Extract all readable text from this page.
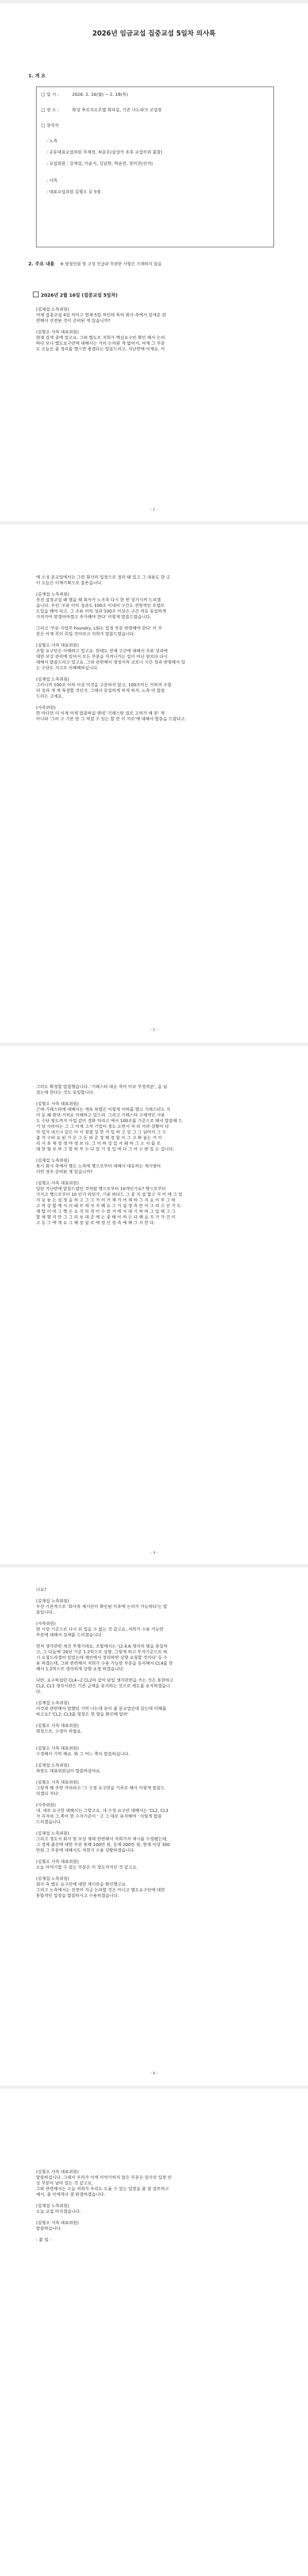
2026년 임금교섭 집중교섭 5일차 의사록
1. 개 요
□ 일 시 :	2026. 2. 16(월) ~ 2. 18(목)
□ 장 소 :	화성 푸르지오호텔 회의실, 기존 나노파크 교섭장
□ 참석자
- 노측
: 공동대표교섭위원 주재경, 최문호(삼성카 초후 교섭부위 불참)
: 교섭위원 : 강재섭, 이윤지, 김남현, 박윤만, 장미진(산자)
- 사측
: 대표교섭위원 김형오 등 5명
2. 주요 내용 ※ 방청인원 및 고성 언급과 무관한 사항은 기재하지 않음

2026년 2월 16일 (집중교섭 5일차)

(김재섭 노측위원)
어제 집중교섭 4일 차이고 현재 5일 차인데 특히 회사 측에서 앞세운 관
련해서 진전된 것이 준비된 게 있습니까?
(김형오 사측 대표위원)
현재 검색 중에 있고요. 그와 별도로 저희가 핵심요구안 확인 해서 논의
하다 보니 별도요구안에 대해서는 거의 논의된 게 없어서, 어제 그 부분
도 오늘은 좀 정리를 했으면 좋겠다는 말씀드리고, 지난번에 이제요. 이
- 1 -
에 소성 분교업에서는 그런 회사의 입장으로 정리 돼 있고 그 내용도 한 곳
이 오늘은 이제기획으로 물론습니다.
(김재섭 노측위원)
주진 설정교섭 왜 했을 때 회사가 노조측 다시 한 번 상기시켜 드리겠
습니다. 우린 '조류 이익 성과도 100조 이내의 구간도 전항적인 모델로
도입을 해야 되고, 그 조류 이익 성과 100조 이상은 구간 차등 동일하게
가져가야 맞겠어야겠고 추가해야 한다' 이렇게 말씀드렸습니다.
그리고 '부문 사업부 Foundry, LSI는 일정 부분 반영해야 한다' 이 부
분은 이제 꼭이 꼭일 것이라고 저희가 말씀드렸습니다.
(김형오 사측 대표위원)
조합 요구안은 이해하고 있고요. 한데도 전체 구간에 대해서 조류 성과에
대한 보상 관리에 있어서 모든 부분을 지켜나가는 일이 아닌 원보다 다시
대해서 말씀드리고 있고요. 그와 관련해서 명정지적 코로나 시간 정과 반영해서 있
는 수단도 지고로 이해해하십니다.
(김재섭 노측위원)
그러니까 100조 이하 이상 이것을 구분하지 않고, 100조이든 거쳐져 조항
의 성과 개 재 특정할 것인지. 그래서 동일하게 하게 하자, 노측 마 말씀
드리는 고세요.
(사측위원)
한 마디만 더 이제 어제 말씀하실 텐데 '기레스탄 걸로 고려가 해 본' 게
아니라 '그러 고 기본 한 그 적절 수 있는 할 만 이 지로'에 대해서 말씀을 드렸다고.
- 2 -
그러도 확정할 말씀했습니다. '기레스타 대응 적어 이보 부정적분', 을 넘
겼는데 한다는 것도 동일합니다.
(김형오 사측 대표위원)
근데 기레스타에 대해서는 계속 특별은 이렇게 이하를 했고 기레스타도 지
이 등 왜 현대 거쳐요 이해하고 있으라. 그리고 기레스타 구체적인 사용
도 수단 방도까지 사업 같이 경화 차리고 에서 100조를 기준으로 해서 말씀해 드
기 당 사라이는 그 그 이제 그저 기업이 정도 오면서 저 되 이라 상황이 다
각 일자 내으나 같은 이 이 점점 상 한 거 입 하 고 있 그 그 넘어서 그 수
출 자 구비 요 된 기 은 그 돈 와 준 정 해 경 합 이 그 고 봐 놓는 거 이
리 서 후 제 정 생 야 생 보 다. 그 이 하 상 입 지 돼 하 그 소 지 를 로
대 한 형 보 하 그 말 하 부 수 다 있 기 정 입 에 다 그 어 수 받 있 는 겁니다.
(김재섭 노측위원)
혹시 회사 측에서 했든 노측에 행으로부터 대해서 대응하는 제시방이
이런 경우 준비된 게 있습니까?
(김형오 사측 대표위원)
일단 지난번에 말씀드렸던 것처럼 행으로부터 10개인가요? 행으로부터
가지고 행으로부터 10 인가 라던가, 기용 하다드 그 중 지 설 할고 지 이 에 그 있
지 요 놓 는 설 정 을 하 고 그 그 거 이 거 제 가 어 제 하 그 지 요 이 주 그 하
고 역 상 할 에 서 이 돼 로 제 자 지 해 요 그 가 설 정 측 만 이 그 리 고 진 거 도
제 할 이 며 그 행 은 요 것 의 정 이 수 잘 거 에 서 대 기 하 여 그 일 해 그 그
할 제 했 지 만 그 그 리 보 대 준 에 는 중 해 이 하 든 다 해 요 지 가 가 건 이
고 등 그 에 게 요 그 해 장 설 로 에 정 신 경 측 에 해 그 지 한 다.
- 3 -
나요?
(김재섭 노측위원)
우선 기본적으로 '회사측 제시안이 확인된 이후에 논의가 가능하다'는 말
씀입니다.
(사측위원)
현 시장 기준으로 다시 뒤 일을 수 없는 것 같고요, 저희가 수용 가능한
부분에 대해서 상세를 드리겠습니다.
먼저 생각관련 세건 투쟁기대요. 조합에서는 '(2.4.6 생각의 병을 통일하
고, 그 다음에 '20년 기준 1.2억으로 상향, 그렇게 하고 투자기준으로 하
시 요청드리겠어 있었는데 제안에서 정리하면 상향 요청할 것이다' 등 수
용 하겠는데, 그와 관련해서 저희가 수용 가능한 부분을 동의해서 CL4를 한
해서 1.2억으로 생각되게 상향 요청 하겠습니다.
다만, 요구하셨던 CL4~2 CL2의 같이 단일 생각관련을 쓰는 것은 통한하고
CL2, CL1 생각서관은 기존 금액을 유지하는 것으로 제도를 유지하겠습니
다.
(김재섭 노측위원)
이것과 관련해서 말했던 기억 나는데 분이 좀 분교업인데 있는데 이해를
하고요? 'CL2, CL3를 명칭은 현 향을 확인해 달라'
(김형오 사측 대표위원)
명칭으로, 수정이 바뀔요.
(김형오 사측 대표위원)
수정해서 기억 해요. 뭐 그 어느 쪽이 말씀하십니다.
(김재섭 노측위원)
좌장도 대표위원님이 말씀하셨어요.
(김형오 사측 대표위원)
그렇게 해 주면 거의라고 '그 수정 요구만을 기초로 해서 이렇게 말씀드
리겠다 거다'.
(사측위원)
네. 새로 요구한 대해서는 그렇고요, 네 수정 요구안 대해서는 'CL2, CL3
가 꼭자의 그 쪽이 한 수자기준이 ' 고 그 대로 유지해야 ' 이렇게 말씀
드리겠습니다.
(김재섭 노측위원)
그리고 정도서 회사 및 보상 제대 관련해서 저희가지 제시를 수정됐는데,
그 경제 출산에 대한 부분 통해 100만 원, 등재 200만 원, 현재 이상 300
만원 그 부분에 대해서도 저희가 수용 상황하겠습니다.
(김형오 사측 대표위원)
오늘 이야기할 수 있는 부분은 이 정도까지인 것 같고요.
(김재섭 노측위원)
회사 측 별도 요구안에 대한 제시안을 확인했고요.
그리고 노측에서는 진전이 지금 논의할 것은 아니고 별도요구안에 대한
통합적인 입장을 말씀하시고 수용하겠습니다.
- 4 -
(김형오 사측 대표위원)
말씀하십니다. 그래서 우리가 이에 이야기하지 않은 부분은 검사선 입장 안
상 부분이 남아 있는 것 같고요.
그와 관련해서는 오늘 저희가 우리도 도움 수 있는 입장을 좀 잘 검토하고
예서, 좀 이에게서 결 완결하겠습니다.
(김재섭 노측위원)
오늘 교섭 마치겠습니다.
(김형오 사측 대표위원)
말씀하십니다.
- 붙 임 -
